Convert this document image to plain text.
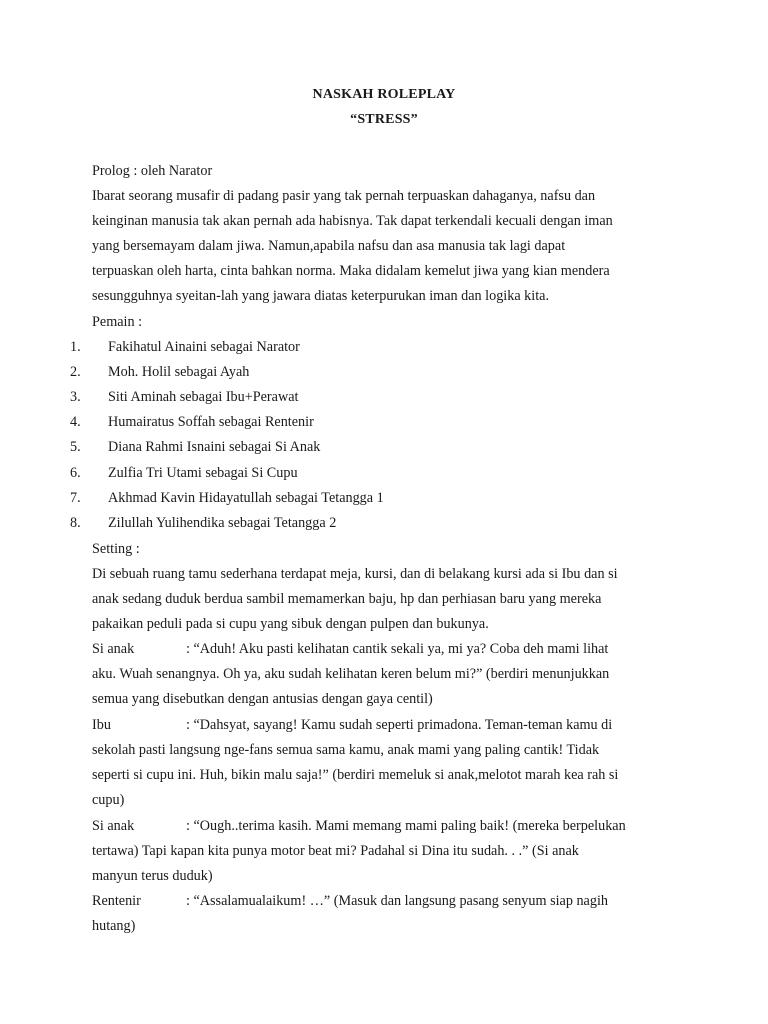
NASKAH ROLEPLAY
“STRESS”
Prolog : oleh Narator
Ibarat seorang musafir di padang pasir yang tak pernah terpuaskan dahaganya, nafsu dan
keinginan manusia tak akan pernah ada habisnya. Tak dapat terkendali kecuali dengan iman
yang bersemayam dalam jiwa. Namun,apabila nafsu dan asa manusia tak lagi dapat
terpuaskan oleh harta, cinta bahkan norma. Maka didalam kemelut jiwa yang kian mendera
sesungguhnya syeitan-lah yang jawara diatas keterpurukan iman dan logika kita.
Pemain :
1. Fakihatul Ainaini sebagai Narator
2. Moh. Holil sebagai Ayah
3. Siti Aminah sebagai Ibu+Perawat
4. Humairatus Soffah sebagai Rentenir
5. Diana Rahmi Isnaini sebagai Si Anak
6. Zulfia Tri Utami sebagai Si Cupu
7. Akhmad Kavin Hidayatullah sebagai Tetangga 1
8. Zilullah Yulihendika sebagai Tetangga 2
Setting :
Di sebuah ruang tamu sederhana terdapat meja, kursi, dan di belakang kursi ada si Ibu dan si
anak sedang duduk berdua sambil memamerkan baju, hp dan perhiasan baru yang mereka
pakaikan peduli pada si cupu yang sibuk dengan pulpen dan bukunya.
Si anak	: “Aduh! Aku pasti kelihatan cantik sekali ya, mi ya? Coba deh mami lihat
aku. Wuah senangnya. Oh ya, aku sudah kelihatan keren belum mi?” (berdiri menunjukkan
semua yang disebutkan dengan antusias dengan gaya centil)
Ibu	: “Dahsyat, sayang! Kamu sudah seperti primadona. Teman-teman kamu di
sekolah pasti langsung nge-fans semua sama kamu, anak mami yang paling cantik! Tidak
seperti si cupu ini. Huh, bikin malu saja!” (berdiri memeluk si anak,melotot marah kea rah si
cupu)
Si anak	: “Ough..terima kasih. Mami memang mami paling baik! (mereka berpelukan
tertawa) Tapi kapan kita punya motor beat mi? Padahal si Dina itu sudah. . .” (Si anak
manyun terus duduk)
Rentenir	: “Assalamualaikum! …” (Masuk dan langsung pasang senyum siap nagih
hutang)
